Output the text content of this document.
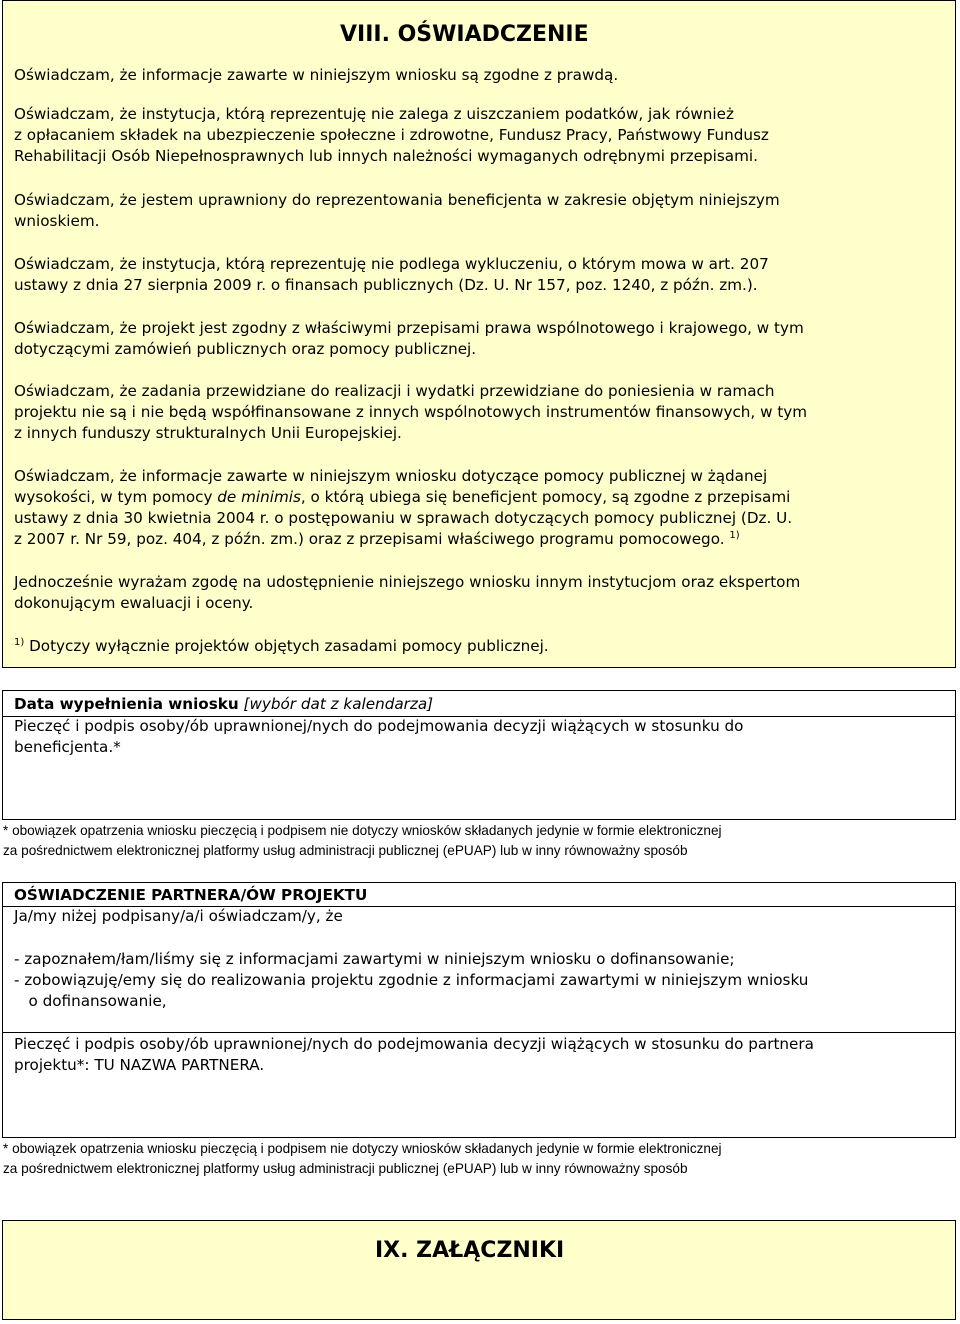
VIII. OŚWIADCZENIE

Oświadczam, że informacje zawarte w niniejszym wniosku są zgodne z prawdą.

Oświadczam, że instytucja, którą reprezentuję nie zalega z uiszczaniem podatków, jak również
z opłacaniem składek na ubezpieczenie społeczne i zdrowotne, Fundusz Pracy, Państwowy Fundusz
Rehabilitacji Osób Niepełnosprawnych lub innych należności wymaganych odrębnymi przepisami.

Oświadczam, że jestem uprawniony do reprezentowania beneficjenta w zakresie objętym niniejszym
wnioskiem.

Oświadczam, że instytucja, którą reprezentuję nie podlega wykluczeniu, o którym mowa w art. 207
ustawy z dnia 27 sierpnia 2009 r. o finansach publicznych (Dz. U. Nr 157, poz. 1240, z późn. zm.).

Oświadczam, że projekt jest zgodny z właściwymi przepisami prawa wspólnotowego i krajowego, w tym
dotyczącymi zamówień publicznych oraz pomocy publicznej.

Oświadczam, że zadania przewidziane do realizacji i wydatki przewidziane do poniesienia w ramach
projektu nie są i nie będą współfinansowane z innych wspólnotowych instrumentów finansowych, w tym
z innych funduszy strukturalnych Unii Europejskiej.

Oświadczam, że informacje zawarte w niniejszym wniosku dotyczące pomocy publicznej w żądanej
wysokości, w tym pomocy de minimis, o którą ubiega się beneficjent pomocy, są zgodne z przepisami
ustawy z dnia 30 kwietnia 2004 r. o postępowaniu w sprawach dotyczących pomocy publicznej (Dz. U.
z 2007 r. Nr 59, poz. 404, z późn. zm.) oraz z przepisami właściwego programu pomocowego. $^{1)}$

Jednocześnie wyrażam zgodę na udostępnienie niniejszego wniosku innym instytucjom oraz ekspertom
dokonującym ewaluacji i oceny.

$^{1)}$ Dotyczy wyłącznie projektów objętych zasadami pomocy publicznej.

Data wypełnienia wniosku [wybór dat z kalendarza]

Pieczęć i podpis osoby/ób uprawnionej/nych do podejmowania decyzji wiążących w stosunku do
beneficjenta.*

* obowiązek opatrzenia wniosku pieczęcią i podpisem nie dotyczy wniosków składanych jedynie w formie elektronicznej
za pośrednictwem elektronicznej platformy usług administracji publicznej (ePUAP) lub w inny równoważny sposób

OŚWIADCZENIE PARTNERA/ÓW PROJEKTU

Ja/my niżej podpisany/a/i oświadczam/y, że

- zapoznałem/łam/liśmy się z informacjami zawartymi w niniejszym wniosku o dofinansowanie;
- zobowiązuję/emy się do realizowania projektu zgodnie z informacjami zawartymi w niniejszym wniosku
o dofinansowanie,

Pieczęć i podpis osoby/ób uprawnionej/nych do podejmowania decyzji wiążących w stosunku do partnera
projektu*: TU NAZWA PARTNERA.

* obowiązek opatrzenia wniosku pieczęcią i podpisem nie dotyczy wniosków składanych jedynie w formie elektronicznej
za pośrednictwem elektronicznej platformy usług administracji publicznej (ePUAP) lub w inny równoważny sposób

IX. ZAŁĄCZNIKI
